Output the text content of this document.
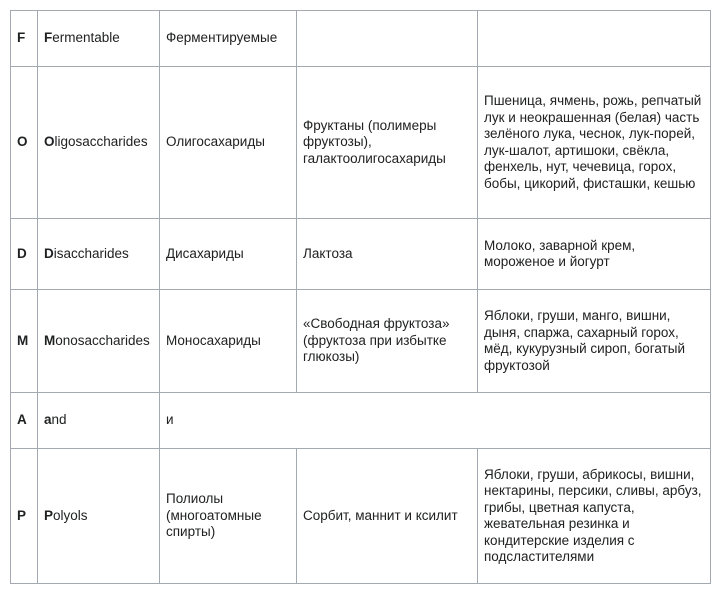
F	Fermentable	Ферментируемые		
O	Oligosaccharides	Олигосахариды	Фруктаны (полимеры фруктозы), галактоолигосахариды	Пшеница, ячмень, рожь, репчатый лук и неокрашенная (белая) часть зелёного лука, чеснок, лук-порей, лук-шалот, артишоки, свёкла, фенхель, нут, чечевица, горох, бобы, цикорий, фисташки, кешью
D	Disaccharides	Дисахариды	Лактоза	Молоко, заварной крем, мороженое и йогурт
M	Monosaccharides	Моносахариды	«Свободная фруктоза» (фруктоза при избытке глюкозы)	Яблоки, груши, манго, вишни, дыня, спаржа, сахарный горох, мёд, кукурузный сироп, богатый фруктозой
A	and	и		
P	Polyols	Полиолы (многоатомные спирты)	Сорбит, маннит и ксилит	Яблоки, груши, абрикосы, вишни, нектарины, персики, сливы, арбуз, грибы, цветная капуста, жевательная резинка и кондитерские изделия с подсластителями
